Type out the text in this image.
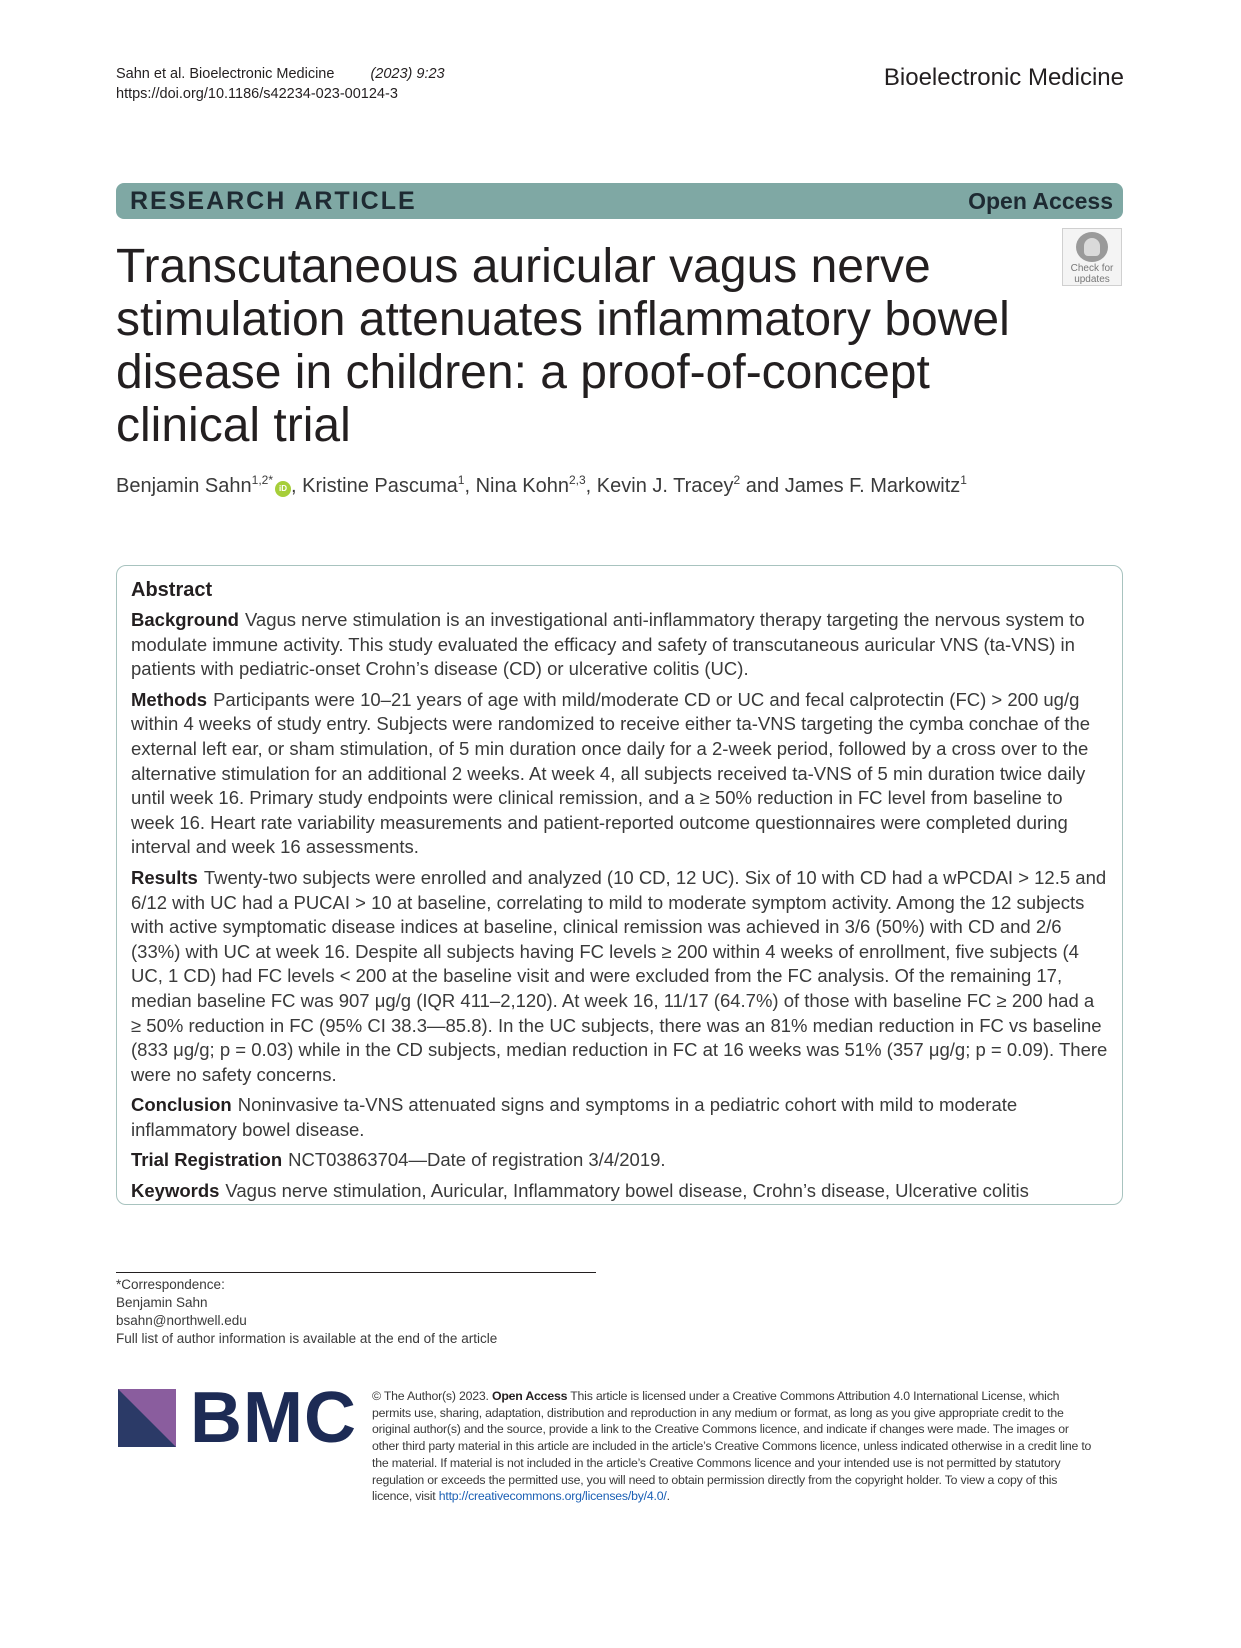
Sahn et al. Bioelectronic Medicine (2023) 9:23
https://doi.org/10.1186/s42234-023-00124-3
Bioelectronic Medicine
RESEARCH ARTICLE	Open Access
Check for
updates
Transcutaneous auricular vagus nerve stimulation attenuates inflammatory bowel disease in children: a proof-of-concept clinical trial
Benjamin Sahn$^{1,2*}$iD , Kristine Pascuma$^1$, Nina Kohn$^{2,3}$, Kevin J. Tracey$^2$ and James F. Markowitz$^1$
Abstract

Background Vagus nerve stimulation is an investigational anti-inflammatory therapy targeting the nervous system to modulate immune activity. This study evaluated the efficacy and safety of transcutaneous auricular VNS (ta-VNS) in patients with pediatric-onset Crohn’s disease (CD) or ulcerative colitis (UC).

Methods Participants were 10–21 years of age with mild/moderate CD or UC and fecal calprotectin (FC) > 200 ug/g within 4 weeks of study entry. Subjects were randomized to receive either ta-VNS targeting the cymba conchae of the external left ear, or sham stimulation, of 5 min duration once daily for a 2-week period, followed by a cross over to the alternative stimulation for an additional 2 weeks. At week 4, all subjects received ta-VNS of 5 min duration twice daily until week 16. Primary study endpoints were clinical remission, and a ≥ 50% reduction in FC level from baseline to week 16. Heart rate variability measurements and patient-reported outcome questionnaires were completed during interval and week 16 assessments.

Results Twenty-two subjects were enrolled and analyzed (10 CD, 12 UC). Six of 10 with CD had a wPCDAI > 12.5 and 6/12 with UC had a PUCAI > 10 at baseline, correlating to mild to moderate symptom activity. Among the 12 subjects with active symptomatic disease indices at baseline, clinical remission was achieved in 3/6 (50%) with CD and 2/6 (33%) with UC at week 16. Despite all subjects having FC levels ≥ 200 within 4 weeks of enrollment, five subjects (4 UC, 1 CD) had FC levels < 200 at the baseline visit and were excluded from the FC analysis. Of the remaining 17, median baseline FC was 907 μg/g (IQR 411–2,120). At week 16, 11/17 (64.7%) of those with baseline FC ≥ 200 had a ≥ 50% reduction in FC (95% CI 38.3—85.8). In the UC subjects, there was an 81% median reduction in FC vs baseline (833 μg/g; p = 0.03) while in the CD subjects, median reduction in FC at 16 weeks was 51% (357 μg/g; p = 0.09). There were no safety concerns.

Conclusion Noninvasive ta-VNS attenuated signs and symptoms in a pediatric cohort with mild to moderate inflammatory bowel disease.

Trial Registration NCT03863704—Date of registration 3/4/2019.

Keywords Vagus nerve stimulation, Auricular, Inflammatory bowel disease, Crohn’s disease, Ulcerative colitis

*Correspondence:
Benjamin Sahn
bsahn@northwell.edu
Full list of author information is available at the end of the article
BMC © The Author(s) 2023. Open Access This article is licensed under a Creative Commons Attribution 4.0 International License, which permits use, sharing, adaptation, distribution and reproduction in any medium or format, as long as you give appropriate credit to the original author(s) and the source, provide a link to the Creative Commons licence, and indicate if changes were made. The images or other third party material in this article are included in the article’s Creative Commons licence, unless indicated otherwise in a credit line to the material. If material is not included in the article’s Creative Commons licence and your intended use is not permitted by statutory regulation or exceeds the permitted use, you will need to obtain permission directly from the copyright holder. To view a copy of this licence, visit http://creativecommons.org/licenses/by/4.0/.
